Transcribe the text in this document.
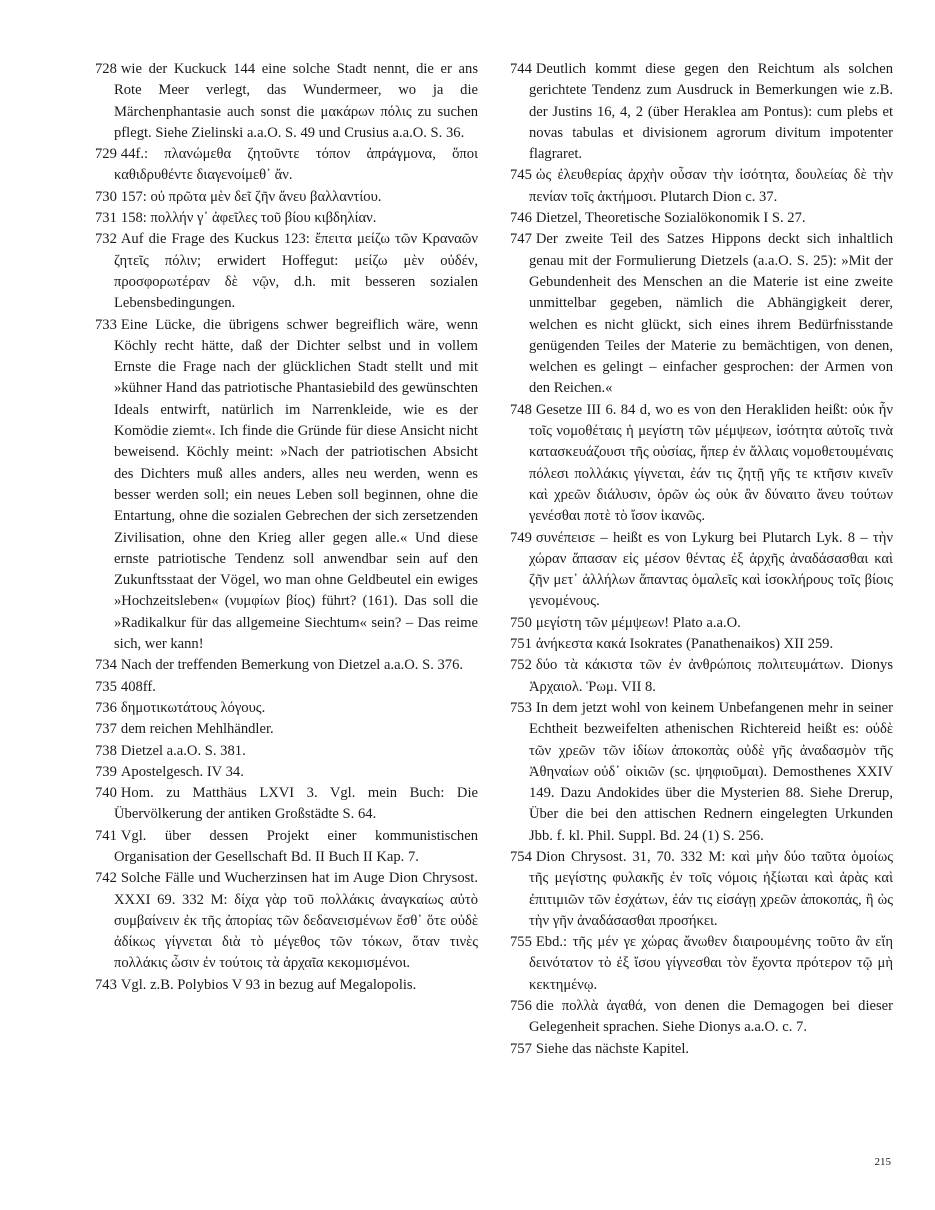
728 wie der Kuckuck 144 eine solche Stadt nennt, die er ans Rote Meer verlegt, das Wundermeer, wo ja die Märchenphantasie auch sonst die μακάρων πόλις zu suchen pflegt. Siehe Zielinski a.a.O. S. 49 und Crusius a.a.O. S. 36.

729 44f.: πλανώμεθα ζητοῦντε τόπον ἀπράγμονα, ὅποι καθιδρυθέντε διαγενοίμεθ᾽ ἄν.

730 157: οὐ πρῶτα μὲν δεῖ ζῆν ἄνευ βαλλαντίου.

731 158: πολλήν γ᾽ ἀφεῖλες τοῦ βίου κιβδηλίαν.

732 Auf die Frage des Kuckus 123: ἔπειτα μείζω τῶν Κραναῶν ζητεῖς πόλιν; erwidert Hoffegut: μείζω μὲν οὐδέν, προσφορωτέραν δὲ νῷν, d.h. mit besseren sozialen Lebensbedingungen.

733 Eine Lücke, die übrigens schwer begreiflich wäre, wenn Köchly recht hätte, daß der Dichter selbst und in vollem Ernste die Frage nach der glücklichen Stadt stellt und mit »kühner Hand das patriotische Phantasiebild des gewünschten Ideals entwirft, natürlich im Narrenkleide, wie es der Komödie ziemt«. Ich finde die Gründe für diese Ansicht nicht beweisend. Köchly meint: »Nach der patriotischen Absicht des Dichters muß alles anders, alles neu werden, wenn es besser werden soll; ein neues Leben soll beginnen, ohne die Entartung, ohne die sozialen Gebrechen der sich zersetzenden Zivilisation, ohne den Krieg aller gegen alle.« Und diese ernste patriotische Tendenz soll anwendbar sein auf den Zukunftsstaat der Vögel, wo man ohne Geldbeutel ein ewiges »Hochzeitsleben« (νυμφίων βίος) führt? (161). Das soll die »Radikalkur für das allgemeine Siechtum« sein? – Das reime sich, wer kann!

734 Nach der treffenden Bemerkung von Dietzel a.a.O. S. 376.

735 408ff.

736 δημοτικωτάτους λόγους.

737 dem reichen Mehlhändler.

738 Dietzel a.a.O. S. 381.

739 Apostelgesch. IV 34.

740 Hom. zu Matthäus LXVI 3. Vgl. mein Buch: Die Übervölkerung der antiken Großstädte S. 64.

741 Vgl. über dessen Projekt einer kommunistischen Organisation der Gesellschaft Bd. II Buch II Kap. 7.

742 Solche Fälle und Wucherzinsen hat im Auge Dion Chrysost. XXXI 69. 332 M: δίχα γὰρ τοῦ πολλάκις ἀναγκαίως αὐτὸ συμβαίνειν ἐκ τῆς ἀπορίας τῶν δεδανεισμένων ἔσθ᾽ ὅτε οὐδὲ ἀδίκως γίγνεται διὰ τὸ μέγεθος τῶν τόκων, ὅταν τινὲς πολλάκις ὦσιν ἐν τούτοις τὰ ἀρχαῖα κεκομισμένοι.

743 Vgl. z.B. Polybios V 93 in bezug auf Megalopolis.

744 Deutlich kommt diese gegen den Reichtum als solchen gerichtete Tendenz zum Ausdruck in Bemerkungen wie z.B. der Justins 16, 4, 2 (über Heraklea am Pontus): cum plebs et novas tabulas et divisionem agrorum divitum impotenter flagraret.

745 ὡς ἐλευθερίας ἀρχὴν οὖσαν τὴν ἰσότητα, δουλείας δὲ τὴν πενίαν τοῖς ἀκτήμοσι. Plutarch Dion c. 37.

746 Dietzel, Theoretische Sozialökonomik I S. 27.

747 Der zweite Teil des Satzes Hippons deckt sich inhaltlich genau mit der Formulierung Dietzels (a.a.O. S. 25): »Mit der Gebundenheit des Menschen an die Materie ist eine zweite unmittelbar gegeben, nämlich die Abhängigkeit derer, welchen es nicht glückt, sich eines ihrem Bedürfnisstande genügenden Teiles der Materie zu bemächtigen, von denen, welchen es gelingt – einfacher gesprochen: der Armen von den Reichen.«

748 Gesetze III 6. 84 d, wo es von den Herakliden heißt: οὐκ ἦν τοῖς νομοθέταις ἡ μεγίστη τῶν μέμψεων, ἰσότητα αὐτοῖς τινὰ κατασκευάζουσι τῆς οὐσίας, ἥπερ ἐν ἄλλαις νομοθετουμέναις πόλεσι πολλάκις γίγνεται, ἐάν τις ζητῇ γῆς τε κτῆσιν κινεῖν καὶ χρεῶν διάλυσιν, ὁρῶν ὡς οὐκ ἂν δύναιτο ἄνευ τούτων γενέσθαι ποτὲ τὸ ἴσον ἱκανῶς.

749 συνέπεισε – heißt es von Lykurg bei Plutarch Lyk. 8 – τὴν χώραν ἅπασαν εἰς μέσον θέντας ἐξ ἀρχῆς ἀναδάσασθαι καὶ ζῆν μετ᾽ ἀλλήλων ἅπαντας ὁμαλεῖς καὶ ἰσοκλήρους τοῖς βίοις γενομένους.

750 μεγίστη τῶν μέμψεων! Plato a.a.O.

751 ἀνήκεστα κακά Isokrates (Panathenaikos) XII 259.

752 δύο τὰ κάκιστα τῶν ἐν ἀνθρώποις πολιτευμάτων. Dionys Ἀρχαιολ. Ῥωμ. VII 8.

753 In dem jetzt wohl von keinem Unbefangenen mehr in seiner Echtheit bezweifelten athenischen Richtereid heißt es: οὐδὲ τῶν χρεῶν τῶν ἰδίων ἀποκοπὰς οὐδὲ γῆς ἀναδασμὸν τῆς Ἀθηναίων οὐδ᾽ οἰκιῶν (sc. ψηφιοῦμαι). Demosthenes XXIV 149. Dazu Andokides über die Mysterien 88. Siehe Drerup, Über die bei den attischen Rednern eingelegten Urkunden Jbb. f. kl. Phil. Suppl. Bd. 24 (1) S. 256.

754 Dion Chrysost. 31, 70. 332 M: καὶ μὴν δύο ταῦτα ὁμοίως τῆς μεγίστης φυλακῆς ἐν τοῖς νόμοις ἠξίωται καὶ ἀρὰς καὶ ἐπιτιμιῶν τῶν ἐσχάτων, ἐάν τις εἰσάγῃ χρεῶν ἀποκοπάς, ἢ ὡς τὴν γῆν ἀναδάσασθαι προσήκει.

755 Ebd.: τῆς μέν γε χώρας ἄνωθεν διαιρουμένης τοῦτο ἂν εἴη δεινότατον τὸ ἐξ ἴσου γίγνεσθαι τὸν ἔχοντα πρότερον τῷ μὴ κεκτημένῳ.

756 die πολλὰ ἀγαθά, von denen die Demagogen bei dieser Gelegenheit sprachen. Siehe Dionys a.a.O. c. 7.

757 Siehe das nächste Kapitel.

215
